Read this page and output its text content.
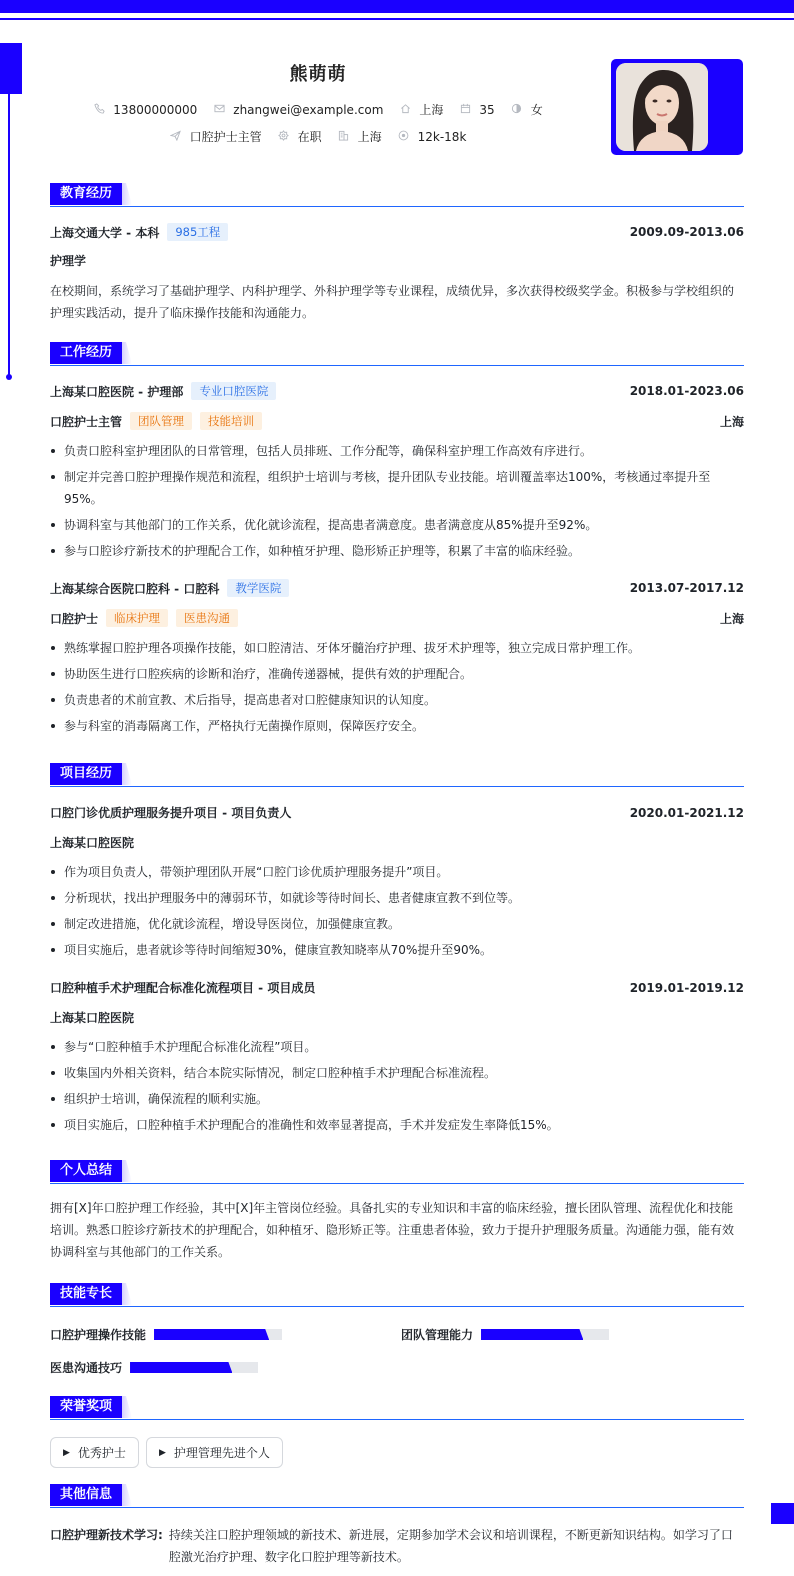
熊萌萌
13800000000	zhangwei@example.com	上海	35	女
口腔护士主管	在职	上海	12k-18k
教育经历
上海交通大学 - 本科	985工程	2009.09-2013.06
护理学
在校期间，系统学习了基础护理学、内科护理学、外科护理学等专业课程，成绩优异，多次获得校级奖学金。积极参与学校组织的护理实践活动，提升了临床操作技能和沟通能力。
工作经历
上海某口腔医院 - 护理部	专业口腔医院	2018.01-2023.06
口腔护士主管	团队管理	技能培训	上海
负责口腔科室护理团队的日常管理，包括人员排班、工作分配等，确保科室护理工作高效有序进行。
制定并完善口腔护理操作规范和流程，组织护士培训与考核，提升团队专业技能。培训覆盖率达100%，考核通过率提升至95%。
协调科室与其他部门的工作关系，优化就诊流程，提高患者满意度。患者满意度从85%提升至92%。
参与口腔诊疗新技术的护理配合工作，如种植牙护理、隐形矫正护理等，积累了丰富的临床经验。
上海某综合医院口腔科 - 口腔科	教学医院	2013.07-2017.12
口腔护士	临床护理	医患沟通	上海
熟练掌握口腔护理各项操作技能，如口腔清洁、牙体牙髓治疗护理、拔牙术护理等，独立完成日常护理工作。
协助医生进行口腔疾病的诊断和治疗，准确传递器械，提供有效的护理配合。
负责患者的术前宣教、术后指导，提高患者对口腔健康知识的认知度。
参与科室的消毒隔离工作，严格执行无菌操作原则，保障医疗安全。
项目经历
口腔门诊优质护理服务提升项目 - 项目负责人	2020.01-2021.12
上海某口腔医院
作为项目负责人，带领护理团队开展“口腔门诊优质护理服务提升”项目。
分析现状，找出护理服务中的薄弱环节，如就诊等待时间长、患者健康宣教不到位等。
制定改进措施，优化就诊流程，增设导医岗位，加强健康宣教。
项目实施后，患者就诊等待时间缩短30%，健康宣教知晓率从70%提升至90%。
口腔种植手术护理配合标准化流程项目 - 项目成员	2019.01-2019.12
上海某口腔医院
参与“口腔种植手术护理配合标准化流程”项目。
收集国内外相关资料，结合本院实际情况，制定口腔种植手术护理配合标准流程。
组织护士培训，确保流程的顺利实施。
项目实施后，口腔种植手术护理配合的准确性和效率显著提高，手术并发症发生率降低15%。
个人总结
拥有[X]年口腔护理工作经验，其中[X]年主管岗位经验。具备扎实的专业知识和丰富的临床经验，擅长团队管理、流程优化和技能培训。熟悉口腔诊疗新技术的护理配合，如种植牙、隐形矫正等。注重患者体验，致力于提升护理服务质量。沟通能力强，能有效协调科室与其他部门的工作关系。
技能专长
口腔护理操作技能	团队管理能力
医患沟通技巧
荣誉奖项
▶ 优秀护士	▶ 护理管理先进个人
其他信息
口腔护理新技术学习: 持续关注口腔护理领域的新技术、新进展，定期参加学术会议和培训课程，不断更新知识结构。如学习了口腔激光治疗护理、数字化口腔护理等新技术。
